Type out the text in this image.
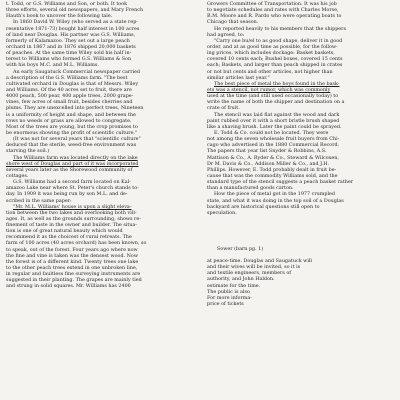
t. Todd, or G.S. Williams and Son, or both. It took
three efforts, several old newspapers, and Mary French
Hauth's book to uncover the following tale.
In 1860 David W. Wiley (who served as a state rep-
resentative 1871-73) bought half interest in 100 acres
of land near Douglas. His partner was G.S. Williams,
formerly of Kalamazoo. They set out a large peach
orchard in 1867 and in 1876 shipped 20,000 baskets
of peaches. At the same time Wiley sold his half in-
terest to Williams who formed G.S. Williams & Son
with his boys M.C. and M.L. Williams.
An early Saugatuck Commercial newspaper carried
a description of the G.S. Williams farm. "The best
cultivated orchard in Douglas is that of Messrs. Wiley
and Williams. Of the 40 acres set to fruit, there are
4000 peach, 500 pear, 400 apple trees, 2000 grape-
vines, few acres of small fruit, besides cherries and
plums. They are unexcelled into perfect trees, Nineteen
is a uniformity of height and shape, and between the
rows no weeds or grass are allowed to congregate.
Most of the trees are young, but the crop promises to
be enormous showing the profit of scientific culture."
(It was not for several years that "scientific culture"
deduced that the sterile, weed-free environment was
starving the soil.)
The Williams farm was located directly on the lake
shore west of Douglas and part of it was incorporated
several years later as the Shorewood community of
cottages.
G.S. Williams had a second farm located on Kal-
amazoo Lake near where St. Peter's church stands to-
day. In 1909 it was being run by son M.L. and de-
scribed in the same paper:
"Mr. M.L. Williams' house is upon a slight eleva-
tion between the two lakes and overlooking both vill-
ages. It, as well as the grounds surrounding, shows re-
finement of taste in the owner and builder. The situa-
tion is one of great natural beauty which would
recommend it as the choicest of rural retreats. The
farm of 100 acres (40 acres orchard) has been known, so
to speak, out of the forest. Four years ago where now
the fine and vine is taken was the densest wood. Now
the forest is of a different kind. Twenty trees one lake
to the other peach trees extend in one unbroken line,
in regular and faultless fine surveying instruments are
suggested in their planting. The grapes are mainly tied
and strung in solid squares. Mr. Williams has 2400
Growers Committee of Transportation. It was his job
to negotiate schedules and rates with Charles Morse,
B.M. Moore and R. Pardo who were operating boats to
Chicago that season.
He reported heavily to his members that the shippers
had agreed, to:
"Carry one bu/el to as good shape, deliver it in good
order, and at as good time as possible, for the follow-
ing prices, which includes dockage: Basket baskets,
covered 10 cents each; Bushel boxes, covered 15 cents
each; Baskets, and larger than peach shipped in crates
or not but cents and other articles, not higher than
similar articles last year."
The best piece of metal the boys found in the bask-
ets was a stencil, not rumor, which was commonly
used at the time (and still used occasionally today) to
write the name of both the shipper and destination on a
crate of fruit.
The stencil was laid flat against the wood and dark
paint rubbed over it with a short bristle brush shaped
like a shaving brush. Later the paint could be sprayed.
E. Todd & Co. could not be located. They were
not among the seven wholesale fruit buyers from Chi-
cago who advertised in the 1880 Commercial Record.
The papers that year list Snyder & Robbins, A.S.
Mattison & Co., A. Ryder & Co., Steward & Wilcoxen,
Dr M. Davis & Co., Addison Miller & Co., and J.H.
Phillips. However, E. Todd probably dealt in fruit be-
cause that was the commodity Williams sold, and the
standard type of the stencil suggests a peach basket rather
than a manufactured goods carton.
How the piece of metal got in the 1977 crumpled
state, and what it was doing in the top soil of a Douglas
backyard are historical questions still open to
speculation.
Sower (barn pg. 1)
at peace-time. Douglas and Saugatuck will
and their wives will be invited, so it is
and textile engineers, members of
authority, and John Haldon.
estimate for the time.
The public is also
For more informa-
price of tickets
